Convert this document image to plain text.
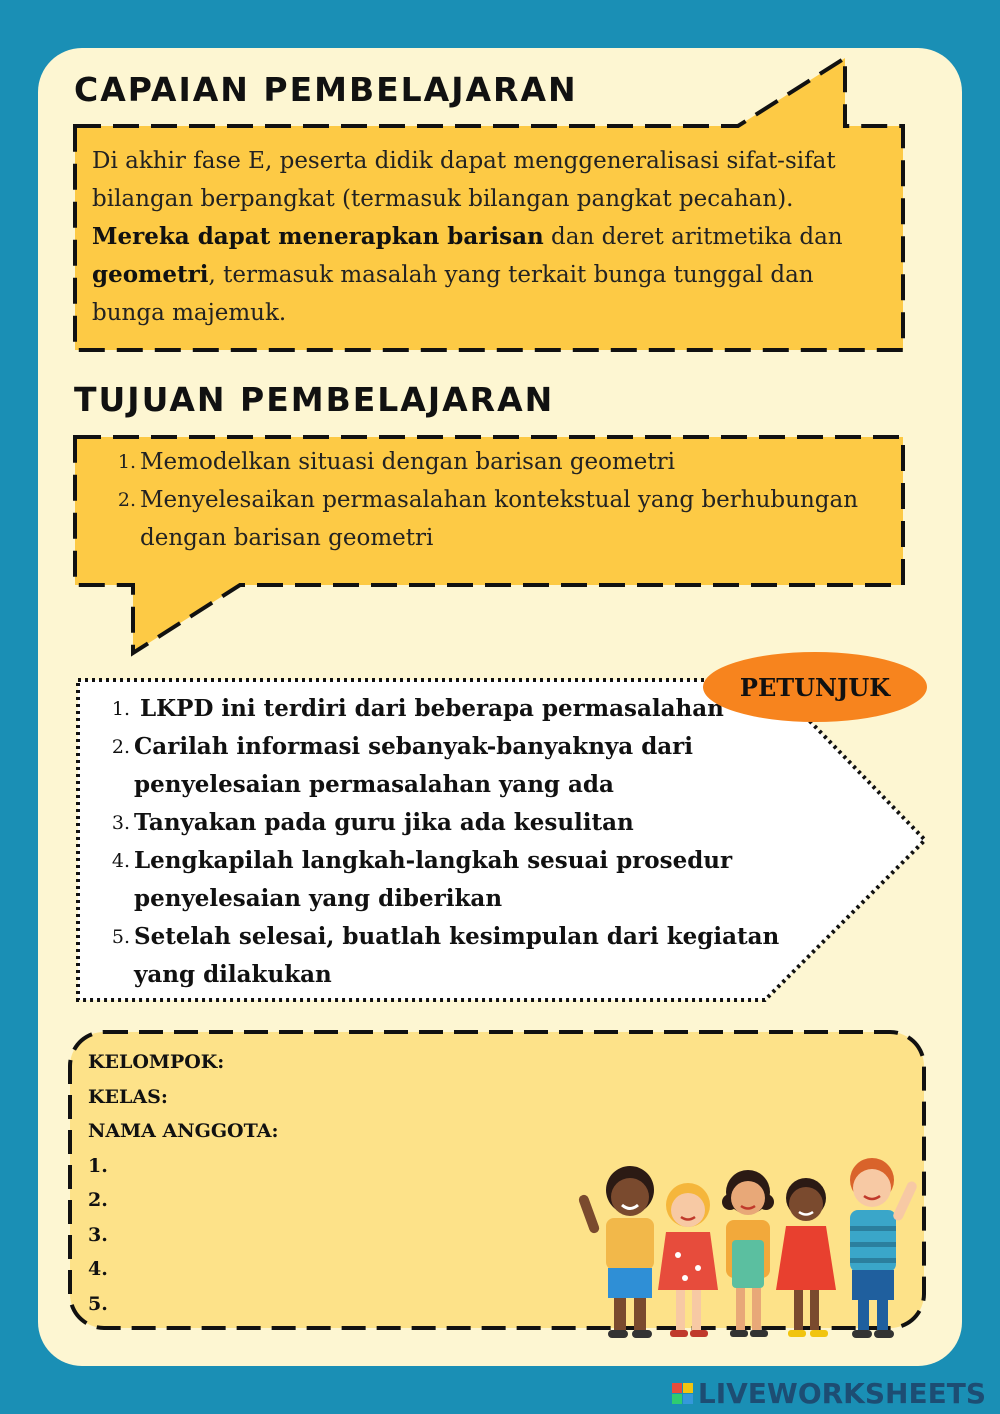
CAPAIAN PEMBELAJARAN
Di akhir fase E, peserta didik dapat menggeneralisasi sifat-sifat
bilangan berpangkat (termasuk bilangan pangkat pecahan).
Mereka dapat menerapkan barisan dan deret aritmetika dan
geometri, termasuk masalah yang terkait bunga tunggal dan
bunga majemuk.
TUJUAN PEMBELAJARAN
1. Memodelkan situasi dengan barisan geometri
2. Menyelesaikan permasalahan kontekstual yang berhubungan dengan barisan geometri
1. LKPD ini terdiri dari beberapa permasalahan
2. Carilah informasi sebanyak-banyaknya dari penyelesaian permasalahan yang ada
3. Tanyakan pada guru jika ada kesulitan
4. Lengkapilah langkah-langkah sesuai prosedur penyelesaian yang diberikan
5. Setelah selesai, buatlah kesimpulan dari kegiatan yang dilakukan
PETUNJUK
KELOMPOK:
KELAS:
NAMA ANGGOTA:
1.
2.
3.
4.
5.
LIVEWORKSHEETS
